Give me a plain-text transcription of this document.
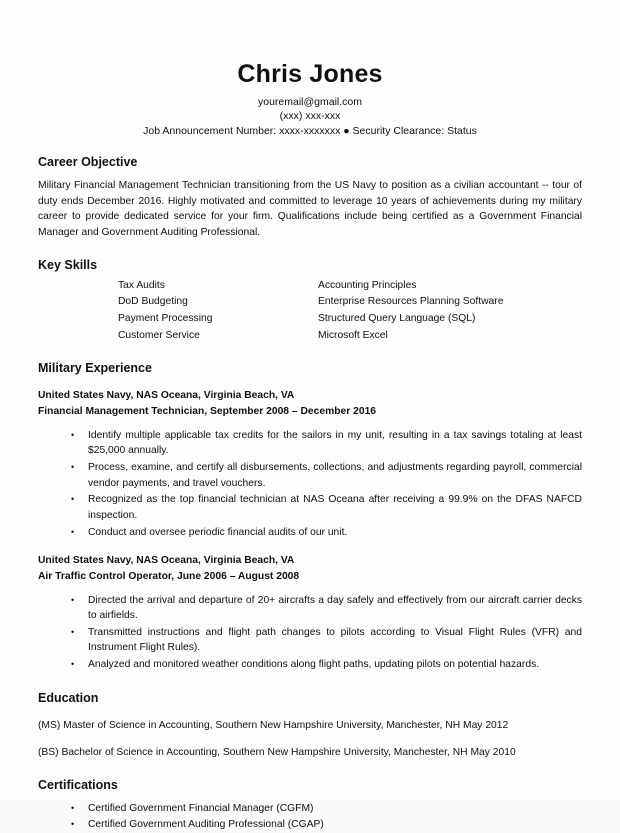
Chris Jones
youremail@gmail.com
(xxx) xxx-xxx
Job Announcement Number: xxxx-xxxxxxx ● Security Clearance: Status
Career Objective
Military Financial Management Technician transitioning from the US Navy to position as a civilian accountant -- tour of duty ends December 2016. Highly motivated and committed to leverage 10 years of achievements during my military career to provide dedicated service for your firm. Qualifications include being certified as a Government Financial Manager and Government Auditing Professional.
Key Skills
Tax Audits	Accounting Principles
DoD Budgeting	Enterprise Resources Planning Software
Payment Processing	Structured Query Language (SQL)
Customer Service	Microsoft Excel
Military Experience
United States Navy, NAS Oceana, Virginia Beach, VA
Financial Management Technician, September 2008 – December 2016
• Identify multiple applicable tax credits for the sailors in my unit, resulting in a tax savings totaling at least $25,000 annually.
• Process, examine, and certify all disbursements, collections, and adjustments regarding payroll, commercial vendor payments, and travel vouchers.
• Recognized as the top financial technician at NAS Oceana after receiving a 99.9% on the DFAS NAFCD inspection.
• Conduct and oversee periodic financial audits of our unit.
United States Navy, NAS Oceana, Virginia Beach, VA
Air Traffic Control Operator, June 2006 – August 2008
• Directed the arrival and departure of 20+ aircrafts a day safely and effectively from our aircraft carrier decks to airfields.
• Transmitted instructions and flight path changes to pilots according to Visual Flight Rules (VFR) and Instrument Flight Rules).
• Analyzed and monitored weather conditions along flight paths, updating pilots on potential hazards.
Education
(MS) Master of Science in Accounting, Southern New Hampshire University, Manchester, NH May 2012
(BS) Bachelor of Science in Accounting, Southern New Hampshire University, Manchester, NH May 2010
Certifications
• Certified Government Financial Manager (CGFM)
• Certified Government Auditing Professional (CGAP)
